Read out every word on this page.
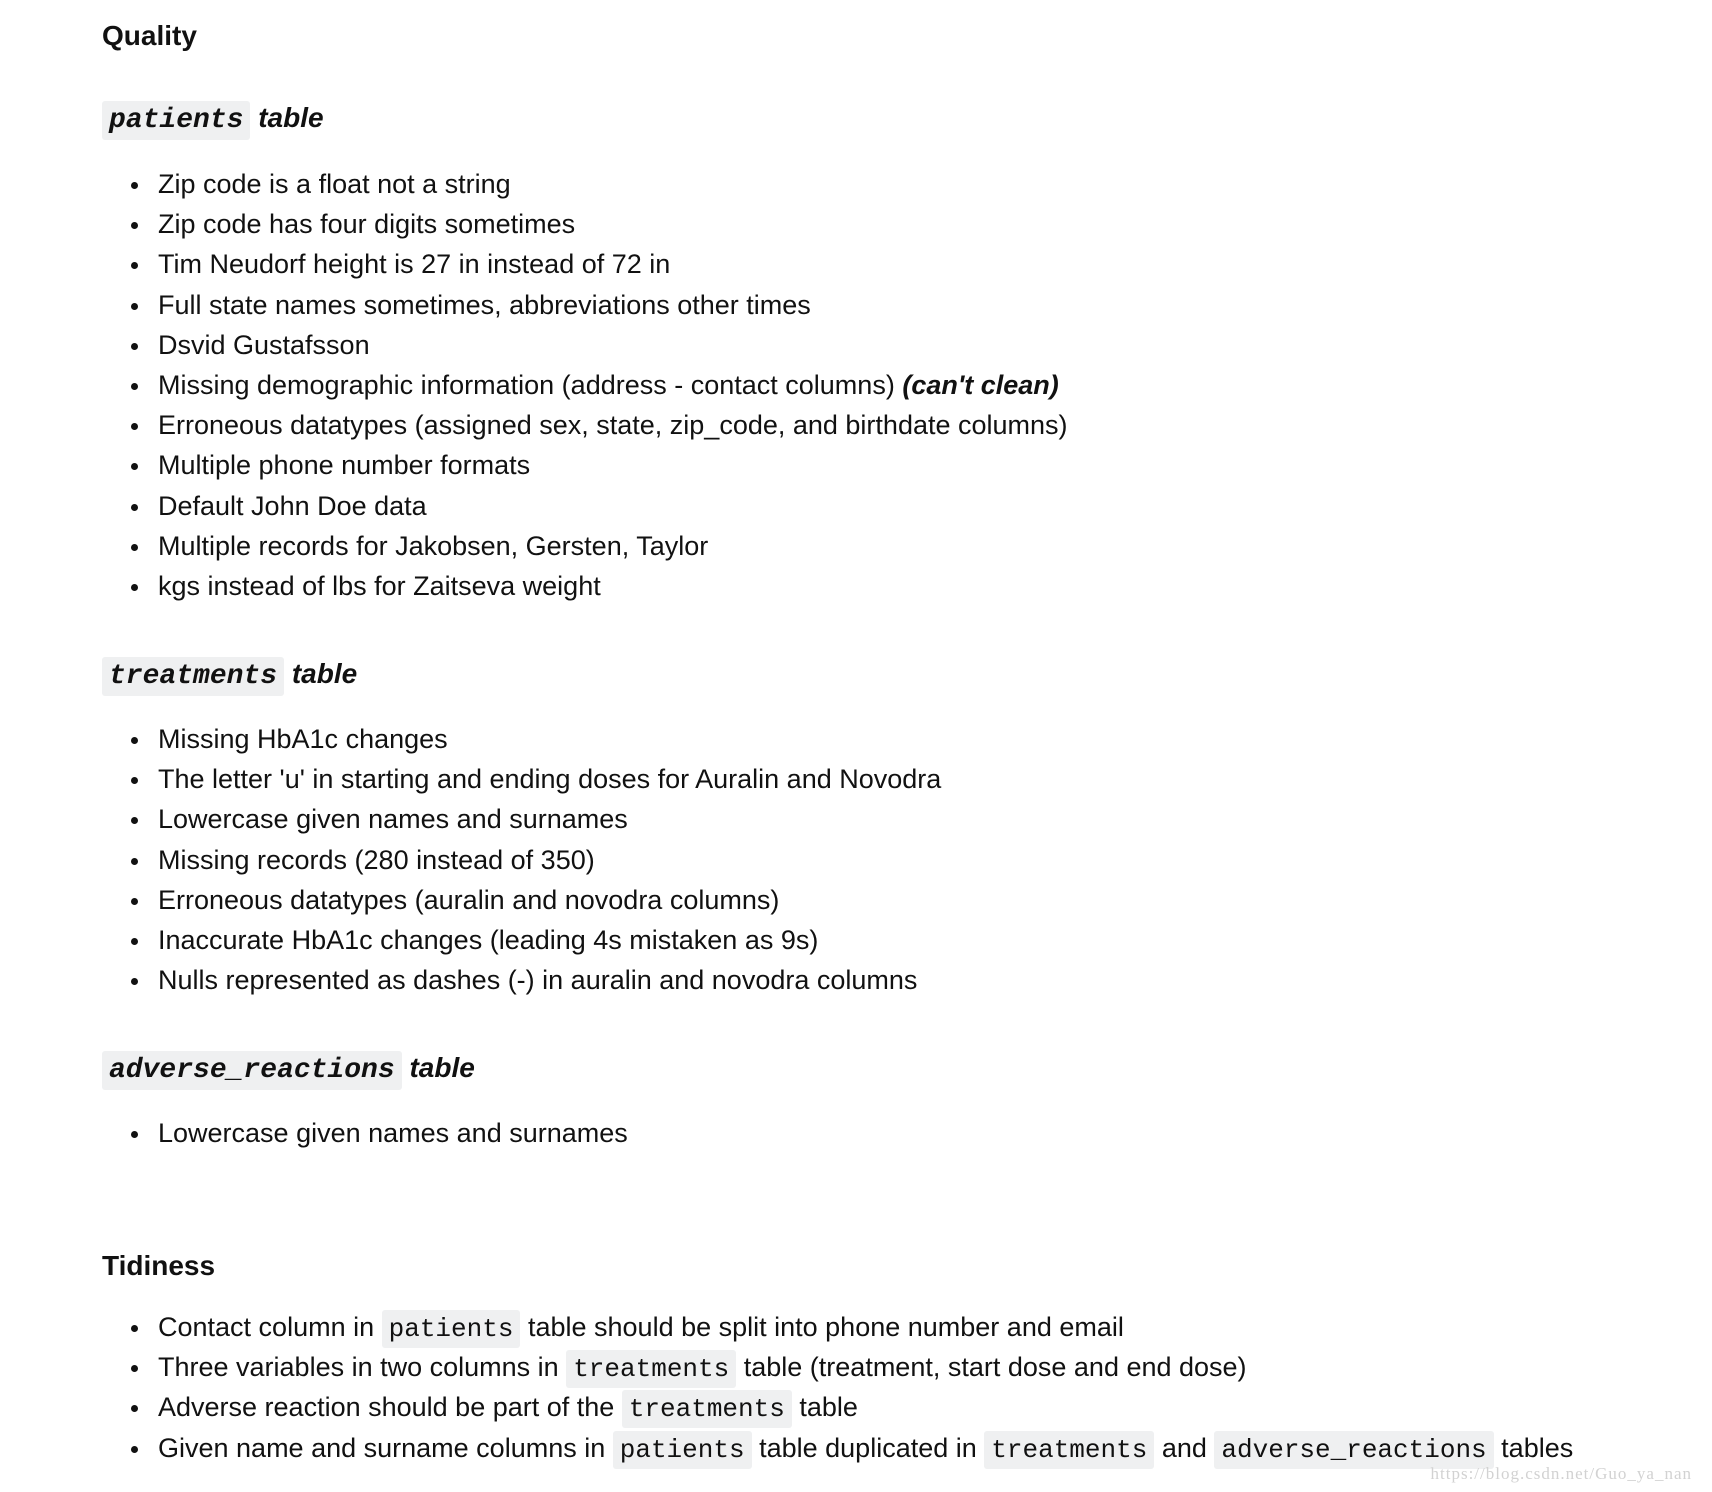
Quality
patients table
Zip code is a float not a string
Zip code has four digits sometimes
Tim Neudorf height is 27 in instead of 72 in
Full state names sometimes, abbreviations other times
Dsvid Gustafsson
Missing demographic information (address - contact columns) (can't clean)
Erroneous datatypes (assigned sex, state, zip_code, and birthdate columns)
Multiple phone number formats
Default John Doe data
Multiple records for Jakobsen, Gersten, Taylor
kgs instead of lbs for Zaitseva weight
treatments table
Missing HbA1c changes
The letter 'u' in starting and ending doses for Auralin and Novodra
Lowercase given names and surnames
Missing records (280 instead of 350)
Erroneous datatypes (auralin and novodra columns)
Inaccurate HbA1c changes (leading 4s mistaken as 9s)
Nulls represented as dashes (-) in auralin and novodra columns
adverse_reactions table
Lowercase given names and surnames
Tidiness
Contact column in patients table should be split into phone number and email
Three variables in two columns in treatments table (treatment, start dose and end dose)
Adverse reaction should be part of the treatments table
Given name and surname columns in patients table duplicated in treatments and adverse_reactions tables
https://blog.csdn.net/Guo_ya_nan
